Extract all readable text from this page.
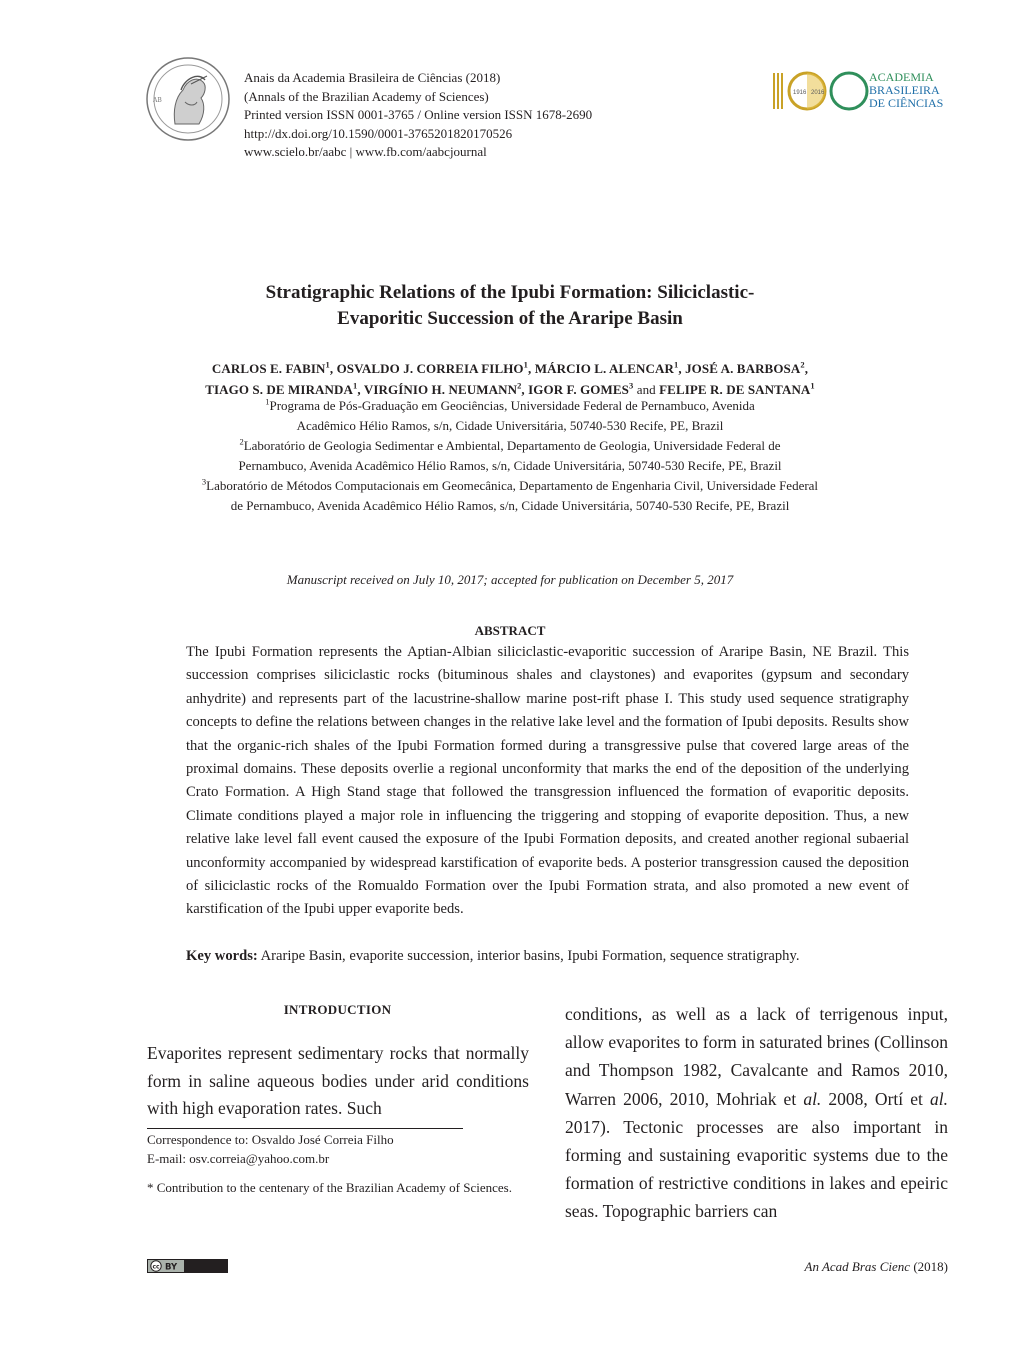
AB
Anais da Academia Brasileira de Ciências (2018)
(Annals of the Brazilian Academy of Sciences)
Printed version ISSN 0001-3765 / Online version ISSN 1678-2690
http://dx.doi.org/10.1590/0001-3765201820170526
www.scielo.br/aabc | www.fb.com/aabcjournal
1916 2016
ACADEMIA
BRASILEIRA
DE CIÊNCIAS
Stratigraphic Relations of the Ipubi Formation: Siliciclastic-
Evaporitic Succession of the Araripe Basin
CARLOS E. FABIN$^1$, OSVALDO J. CORREIA FILHO$^1$, MÁRCIO L. ALENCAR$^1$, JOSÉ A. BARBOSA$^2$,
TIAGO S. DE MIRANDA$^1$, VIRGÍNIO H. NEUMANN$^2$, IGOR F. GOMES$^3$ and FELIPE R. DE SANTANA$^1$
$^1$Programa de Pós-Graduação em Geociências, Universidade Federal de Pernambuco, Avenida
Acadêmico Hélio Ramos, s/n, Cidade Universitária, 50740-530 Recife, PE, Brazil
$^2$Laboratório de Geologia Sedimentar e Ambiental, Departamento de Geologia, Universidade Federal de
Pernambuco, Avenida Acadêmico Hélio Ramos, s/n, Cidade Universitária, 50740-530 Recife, PE, Brazil
$^3$Laboratório de Métodos Computacionais em Geomecânica, Departamento de Engenharia Civil, Universidade Federal
de Pernambuco, Avenida Acadêmico Hélio Ramos, s/n, Cidade Universitária, 50740-530 Recife, PE, Brazil
Manuscript received on July 10, 2017; accepted for publication on December 5, 2017
ABSTRACT
The Ipubi Formation represents the Aptian-Albian siliciclastic-evaporitic succession of Araripe Basin, NE Brazil. This succession comprises siliciclastic rocks (bituminous shales and claystones) and evaporites (gypsum and secondary anhydrite) and represents part of the lacustrine-shallow marine post-rift phase I. This study used sequence stratigraphy concepts to define the relations between changes in the relative lake level and the formation of Ipubi deposits. Results show that the organic-rich shales of the Ipubi Formation formed during a transgressive pulse that covered large areas of the proximal domains. These deposits overlie a regional unconformity that marks the end of the deposition of the underlying Crato Formation. A High Stand stage that followed the transgression influenced the formation of evaporitic deposits. Climate conditions played a major role in influencing the triggering and stopping of evaporite deposition. Thus, a new relative lake level fall event caused the exposure of the Ipubi Formation deposits, and created another regional subaerial unconformity accompanied by widespread karstification of evaporite beds. A posterior transgression caused the deposition of siliciclastic rocks of the Romualdo Formation over the Ipubi Formation strata, and also promoted a new event of karstification of the Ipubi upper evaporite beds.
Key words: Araripe Basin, evaporite succession, interior basins, Ipubi Formation, sequence stratigraphy.
INTRODUCTION
Evaporites represent sedimentary rocks that normally form in saline aqueous bodies under arid conditions with high evaporation rates. Such
conditions, as well as a lack of terrigenous input, allow evaporites to form in saturated brines (Collinson and Thompson 1982, Cavalcante and Ramos 2010, Warren 2006, 2010, Mohriak et al. 2008, Ortí et al. 2017). Tectonic processes are also important in forming and sustaining evaporitic systems due to the formation of restrictive conditions in lakes and epeiric seas. Topographic barriers can
Correspondence to: Osvaldo José Correia Filho
E-mail: osv.correia@yahoo.com.br
* Contribution to the centenary of the Brazilian Academy of Sciences.
cc BY	An Acad Bras Cienc (2018)
